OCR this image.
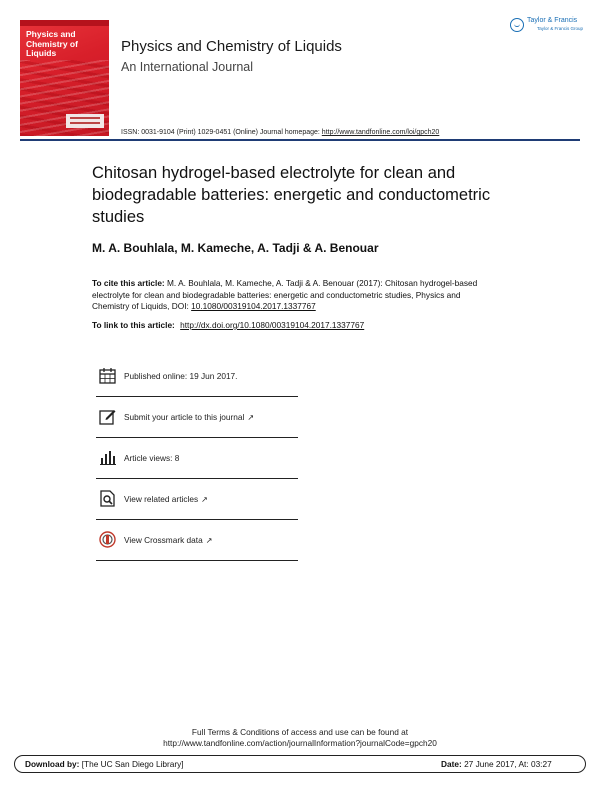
Physics and Chemistry of Liquids	Physics and Chemistry of Liquids
An International Journal
Taylor & Francis
Taylor & Francis Group
ISSN: 0031-9104 (Print) 1029-0451 (Online) Journal homepage: http://www.tandfonline.com/loi/gpch20
Chitosan hydrogel-based electrolyte for clean and biodegradable batteries: energetic and conductometric studies
M. A. Bouhlala, M. Kameche, A. Tadji & A. Benouar
To cite this article: M. A. Bouhlala, M. Kameche, A. Tadji & A. Benouar (2017): Chitosan hydrogel-based electrolyte for clean and biodegradable batteries: energetic and conductometric studies, Physics and Chemistry of Liquids, DOI: 10.1080/00319104.2017.1337767
To link to this article: http://dx.doi.org/10.1080/00319104.2017.1337767
Published online: 19 Jun 2017.
Submit your article to this journal ↗
Article views: 8
View related articles ↗
View Crossmark data ↗
Full Terms & Conditions of access and use can be found at
http://www.tandfonline.com/action/journalInformation?journalCode=gpch20
Download by: [The UC San Diego Library]	Date: 27 June 2017, At: 03:27
